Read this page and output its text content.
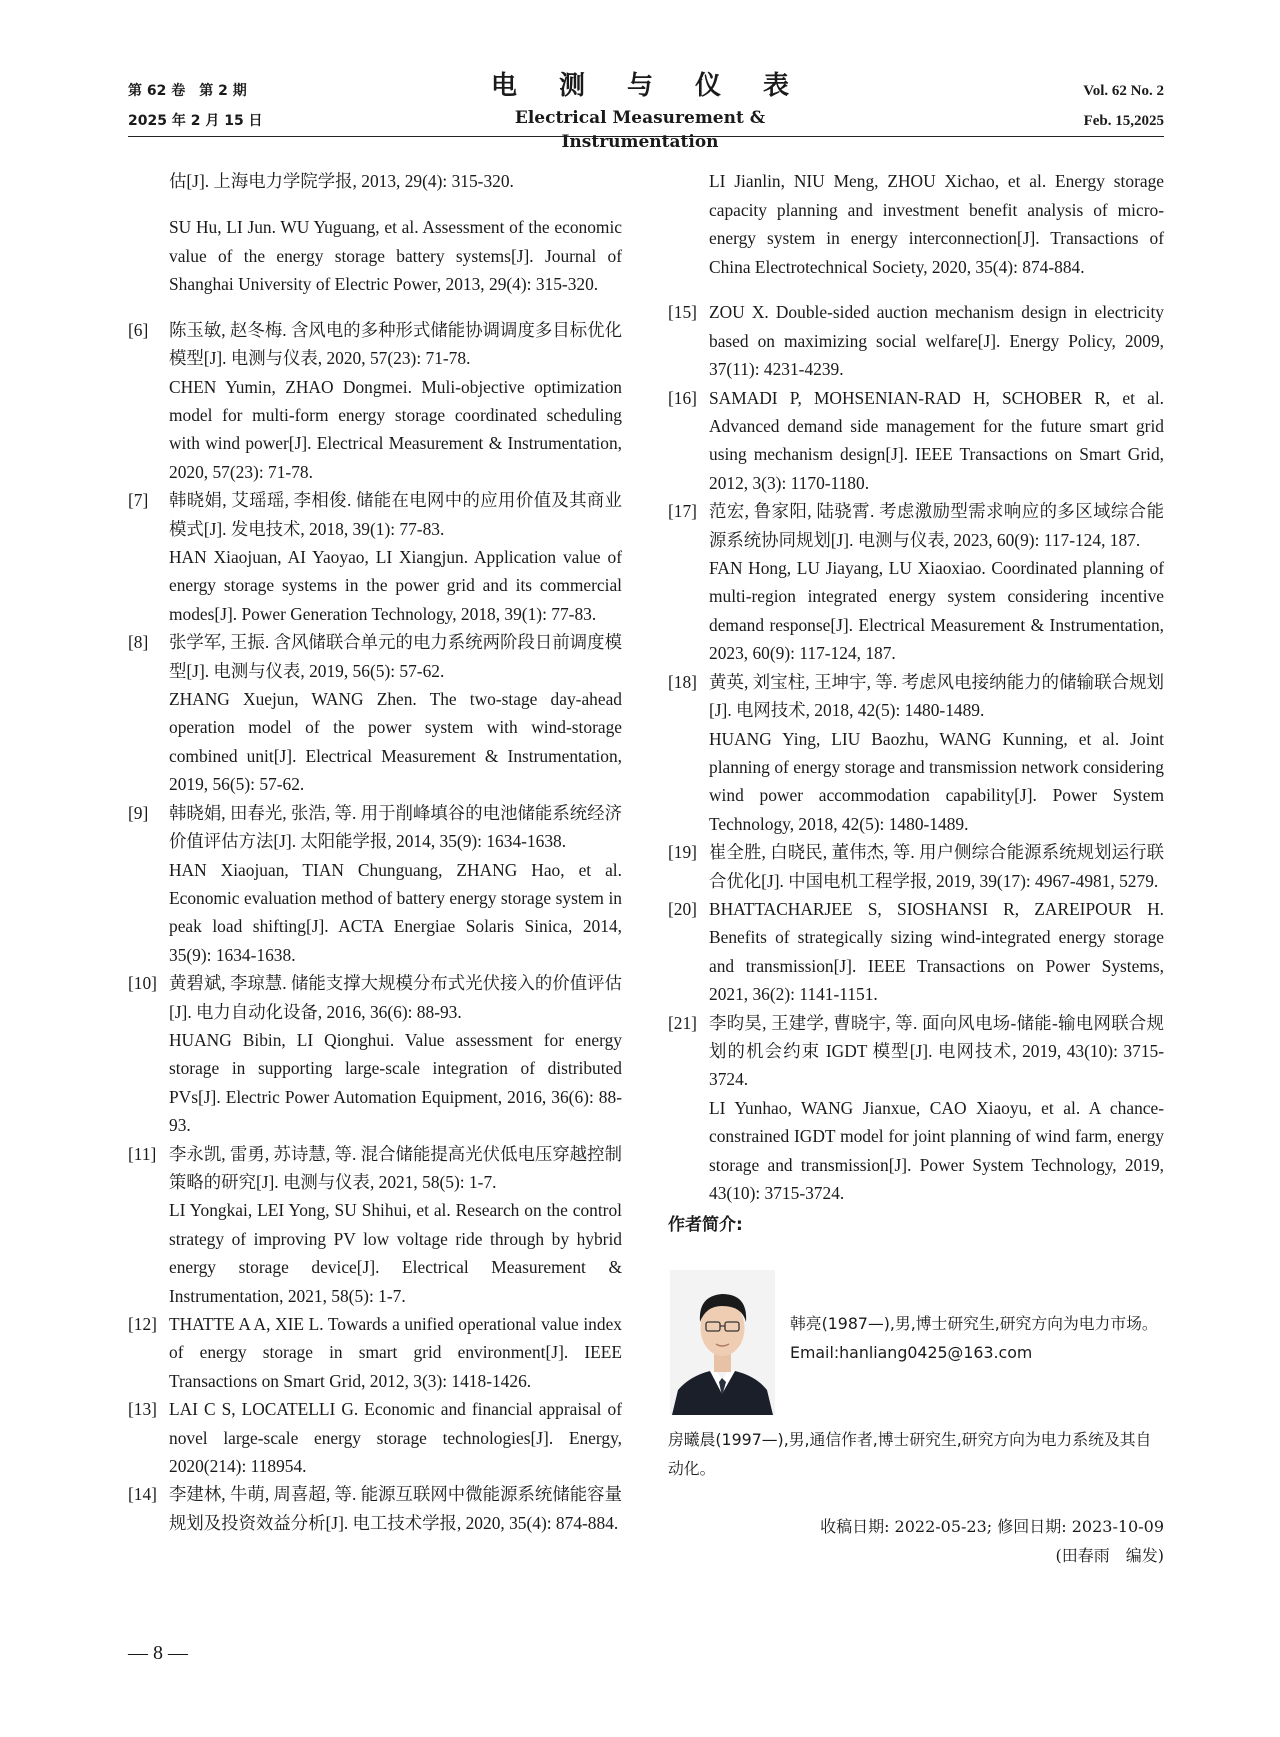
第 62 卷　第 2 期
2025 年 2 月 15 日
电测与仪表
Electrical Measurement & Instrumentation
Vol. 62 No. 2
Feb. 15,2025

估[J]. 上海电力学院学报, 2013, 29(4): 315-320.

SU Hu, LI Jun. WU Yuguang, et al. Assessment of the economic value of the energy storage battery systems[J]. Journal of Shanghai University of Electric Power, 2013, 29(4): 315-320.

[6]	陈玉敏, 赵冬梅. 含风电的多种形式储能协调调度多目标优化模型[J]. 电测与仪表, 2020, 57(23): 71-78.

CHEN Yumin, ZHAO Dongmei. Muli-objective optimization model for multi-form energy storage coordinated scheduling with wind power[J]. Electrical Measurement & Instrumentation, 2020, 57(23): 71-78.

[7]	韩晓娟, 艾瑶瑶, 李相俊. 储能在电网中的应用价值及其商业模式[J]. 发电技术, 2018, 39(1): 77-83.

HAN Xiaojuan, AI Yaoyao, LI Xiangjun. Application value of energy storage systems in the power grid and its commercial modes[J]. Power Generation Technology, 2018, 39(1): 77-83.

[8]	张学军, 王振. 含风储联合单元的电力系统两阶段日前调度模型[J]. 电测与仪表, 2019, 56(5): 57-62.

ZHANG Xuejun, WANG Zhen. The two-stage day-ahead operation model of the power system with wind-storage combined unit[J]. Electrical Measurement & Instrumentation, 2019, 56(5): 57-62.

[9]	韩晓娟, 田春光, 张浩, 等. 用于削峰填谷的电池储能系统经济价值评估方法[J]. 太阳能学报, 2014, 35(9): 1634-1638.

HAN Xiaojuan, TIAN Chunguang, ZHANG Hao, et al. Economic evaluation method of battery energy storage system in peak load shifting[J]. ACTA Energiae Solaris Sinica, 2014, 35(9): 1634-1638.

[10] 黄碧斌, 李琼慧. 储能支撑大规模分布式光伏接入的价值评估[J]. 电力自动化设备, 2016, 36(6): 88-93.

HUANG Bibin, LI Qionghui. Value assessment for energy storage in supporting large-scale integration of distributed PVs[J]. Electric Power Automation Equipment, 2016, 36(6): 88-93.

[11] 李永凯, 雷勇, 苏诗慧, 等. 混合储能提高光伏低电压穿越控制策略的研究[J]. 电测与仪表, 2021, 58(5): 1-7.

LI Yongkai, LEI Yong, SU Shihui, et al. Research on the control strategy of improving PV low voltage ride through by hybrid energy storage device[J]. Electrical Measurement & Instrumentation, 2021, 58(5): 1-7.

[12] THATTE A A, XIE L. Towards a unified operational value index of energy storage in smart grid environment[J]. IEEE Transactions on Smart Grid, 2012, 3(3): 1418-1426.

[13] LAI C S, LOCATELLI G. Economic and financial appraisal of novel large-scale energy storage technologies[J]. Energy, 2020(214): 118954.

[14] 李建林, 牛萌, 周喜超, 等. 能源互联网中微能源系统储能容量规划及投资效益分析[J]. 电工技术学报, 2020, 35(4): 874-884.

LI Jianlin, NIU Meng, ZHOU Xichao, et al. Energy storage capacity planning and investment benefit analysis of micro-energy system in energy interconnection[J]. Transactions of China Electrotechnical Society, 2020, 35(4): 874-884.

[15] ZOU X. Double-sided auction mechanism design in electricity based on maximizing social welfare[J]. Energy Policy, 2009, 37(11): 4231-4239.

[16] SAMADI P, MOHSENIAN-RAD H, SCHOBER R, et al. Advanced demand side management for the future smart grid using mechanism design[J]. IEEE Transactions on Smart Grid, 2012, 3(3): 1170-1180.

[17] 范宏, 鲁家阳, 陆骁霄. 考虑激励型需求响应的多区域综合能源系统协同规划[J]. 电测与仪表, 2023, 60(9): 117-124, 187.

FAN Hong, LU Jiayang, LU Xiaoxiao. Coordinated planning of multi-region integrated energy system considering incentive demand response[J]. Electrical Measurement & Instrumentation, 2023, 60(9): 117-124, 187.

[18] 黄英, 刘宝柱, 王坤宇, 等. 考虑风电接纳能力的储输联合规划[J]. 电网技术, 2018, 42(5): 1480-1489.

HUANG Ying, LIU Baozhu, WANG Kunning, et al. Joint planning of energy storage and transmission network considering wind power accommodation capability[J]. Power System Technology, 2018, 42(5): 1480-1489.

[19] 崔全胜, 白晓民, 董伟杰, 等. 用户侧综合能源系统规划运行联合优化[J]. 中国电机工程学报, 2019, 39(17): 4967-4981, 5279.

[20] BHATTACHARJEE S, SIOSHANSI R, ZAREIPOUR H. Benefits of strategically sizing wind-integrated energy storage and transmission[J]. IEEE Transactions on Power Systems, 2021, 36(2): 1141-1151.

[21] 李昀昊, 王建学, 曹晓宇, 等. 面向风电场-储能-输电网联合规划的机会约束 IGDT 模型[J]. 电网技术, 2019, 43(10): 3715-3724.

LI Yunhao, WANG Jianxue, CAO Xiaoyu, et al. A chance-constrained IGDT model for joint planning of wind farm, energy storage and transmission[J]. Power System Technology, 2019, 43(10): 3715-3724.

作者简介:
韩亮(1987—),男,博士研究生,研究方向为电力市场。Email:hanliang0425@163.com
房曦晨(1997—),男,通信作者,博士研究生,研究方向为电力系统及其自动化。
收稿日期: 2022-05-23; 修回日期: 2023-10-09
(田春雨　编发)
— 8 —
